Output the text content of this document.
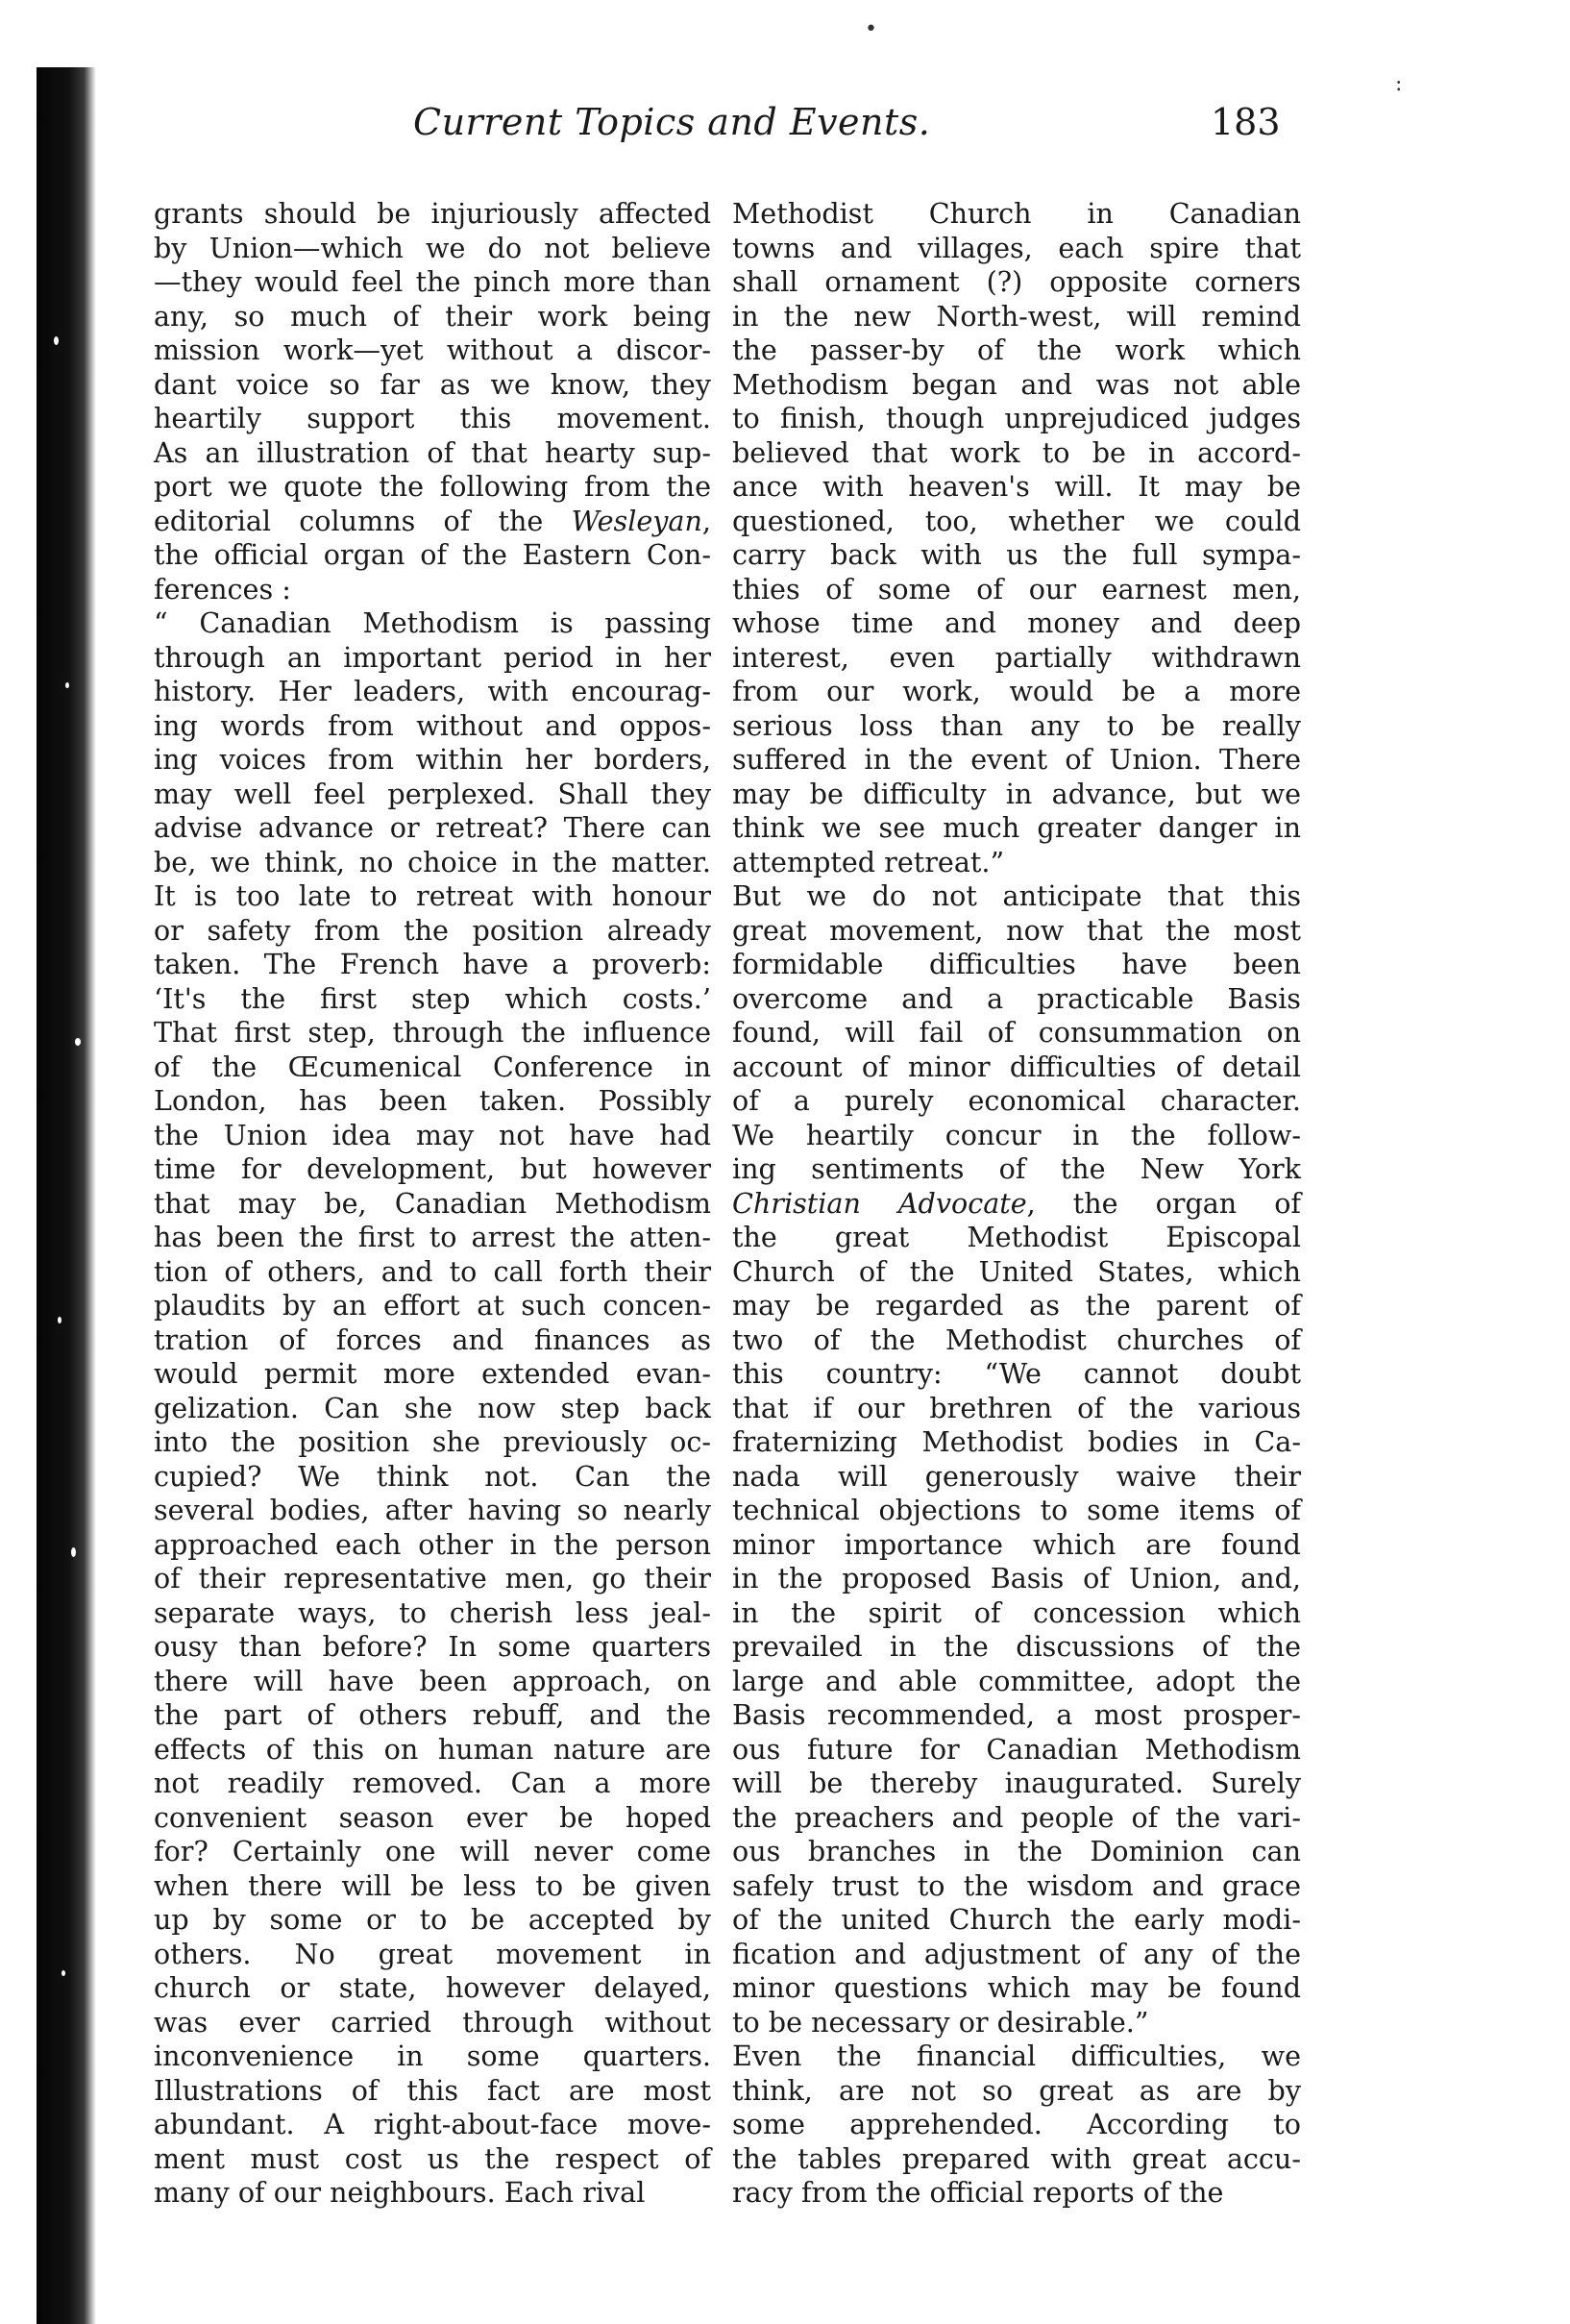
Current Topics and Events.	183
grants should be injuriously affected
by Union—which we do not believe
—they would feel the pinch more than
any, so much of their work being
mission work—yet without a discor-
dant voice so far as we know, they
heartily support this movement.
As an illustration of that hearty sup-
port we quote the following from the
editorial columns of the Wesleyan,
the official organ of the Eastern Con-
ferences :
“ Canadian Methodism is passing
through an important period in her
history. Her leaders, with encourag-
ing words from without and oppos-
ing voices from within her borders,
may well feel perplexed. Shall they
advise advance or retreat? There can
be, we think, no choice in the matter.
It is too late to retreat with honour
or safety from the position already
taken. The French have a proverb:
‘It's the first step which costs.’
That first step, through the influence
of the Œcumenical Conference in
London, has been taken. Possibly
the Union idea may not have had
time for development, but however
that may be, Canadian Methodism
has been the first to arrest the atten-
tion of others, and to call forth their
plaudits by an effort at such concen-
tration of forces and finances as
would permit more extended evan-
gelization. Can she now step back
into the position she previously oc-
cupied? We think not. Can the
several bodies, after having so nearly
approached each other in the person
of their representative men, go their
separate ways, to cherish less jeal-
ousy than before? In some quarters
there will have been approach, on
the part of others rebuff, and the
effects of this on human nature are
not readily removed. Can a more
convenient season ever be hoped
for? Certainly one will never come
when there will be less to be given
up by some or to be accepted by
others. No great movement in
church or state, however delayed,
was ever carried through without
inconvenience in some quarters.
Illustrations of this fact are most
abundant. A right-about-face move-
ment must cost us the respect of
many of our neighbours. Each rival
Methodist Church in Canadian
towns and villages, each spire that
shall ornament (?) opposite corners
in the new North-west, will remind
the passer-by of the work which
Methodism began and was not able
to finish, though unprejudiced judges
believed that work to be in accord-
ance with heaven's will. It may be
questioned, too, whether we could
carry back with us the full sympa-
thies of some of our earnest men,
whose time and money and deep
interest, even partially withdrawn
from our work, would be a more
serious loss than any to be really
suffered in the event of Union. There
may be difficulty in advance, but we
think we see much greater danger in
attempted retreat.”
But we do not anticipate that this
great movement, now that the most
formidable difficulties have been
overcome and a practicable Basis
found, will fail of consummation on
account of minor difficulties of detail
of a purely economical character.
We heartily concur in the follow-
ing sentiments of the New York
Christian Advocate, the organ of
the great Methodist Episcopal
Church of the United States, which
may be regarded as the parent of
two of the Methodist churches of
this country: “We cannot doubt
that if our brethren of the various
fraternizing Methodist bodies in Ca-
nada will generously waive their
technical objections to some items of
minor importance which are found
in the proposed Basis of Union, and,
in the spirit of concession which
prevailed in the discussions of the
large and able committee, adopt the
Basis recommended, a most prosper-
ous future for Canadian Methodism
will be thereby inaugurated. Surely
the preachers and people of the vari-
ous branches in the Dominion can
safely trust to the wisdom and grace
of the united Church the early modi-
fication and adjustment of any of the
minor questions which may be found
to be necessary or desirable.”
Even the financial difficulties, we
think, are not so great as are by
some apprehended. According to
the tables prepared with great accu-
racy from the official reports of the
•
:
